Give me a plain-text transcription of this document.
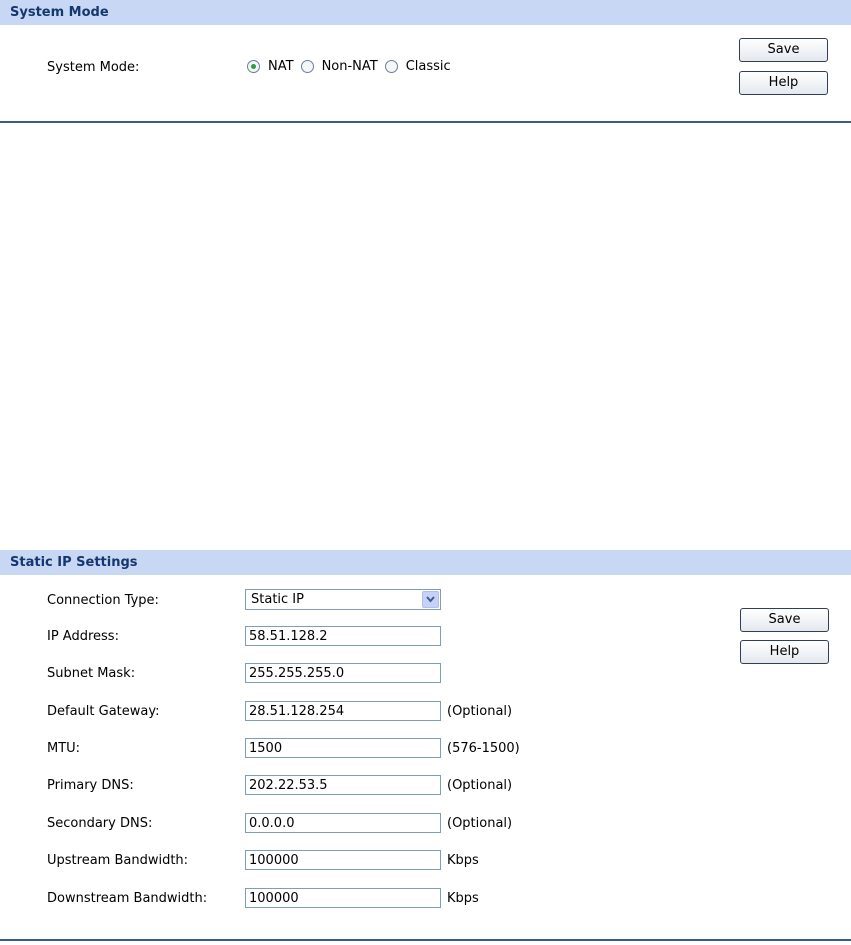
System Mode
System Mode:	NAT Non-NAT Classic
Save
Help
Static IP Settings
Save
Help
Connection Type:	Static IP
IP Address:
58.51.128.2
Subnet Mask:
255.255.255.0
Default Gateway:
28.51.128.254	(Optional)
MTU:
1500	(576-1500)
Primary DNS:
202.22.53.5	(Optional)
Secondary DNS:
0.0.0.0	(Optional)
Upstream Bandwidth:
100000	Kbps
Downstream Bandwidth:
100000	Kbps
